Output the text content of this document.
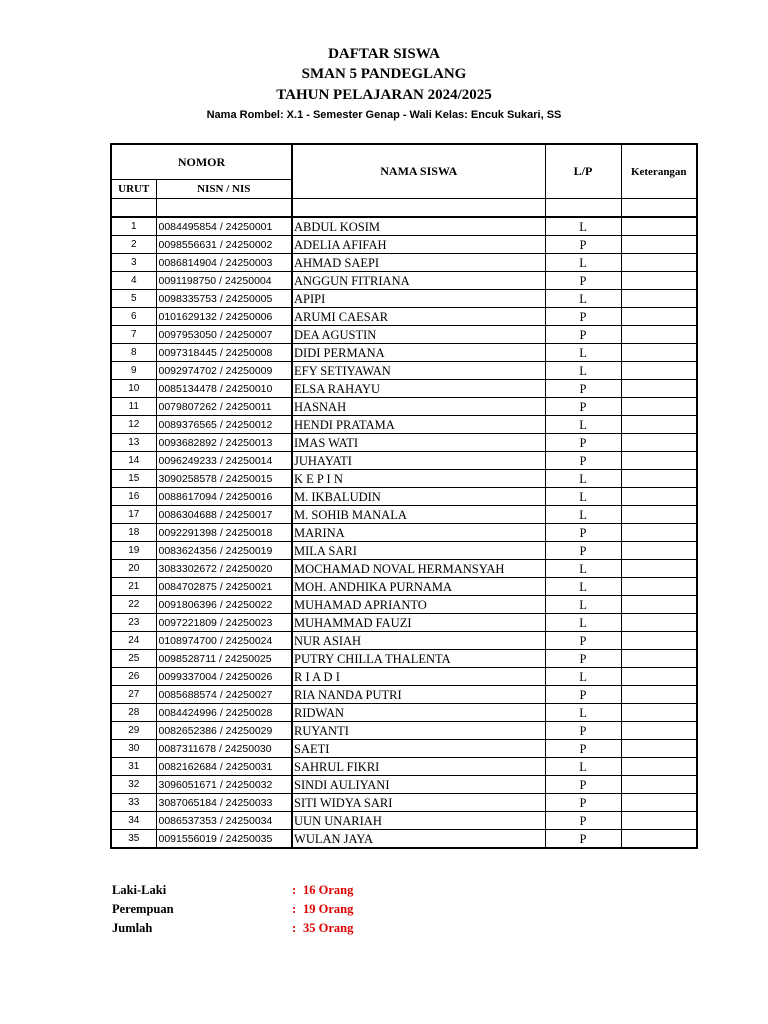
DAFTAR SISWA
SMAN 5 PANDEGLANG
TAHUN PELAJARAN 2024/2025
Nama Rombel: X.1 - Semester Genap - Wali Kelas: Encuk Sukari, SS
NOMOR		NAMA SISWA	L/P	Keterangan
URUT	NISN / NIS			

1	0084495854 / 24250001	ABDUL KOSIM	L	
2	0098556631 / 24250002	ADELIA AFIFAH	P	
3	0086814904 / 24250003	AHMAD SAEPI	L	
4	0091198750 / 24250004	ANGGUN FITRIANA	P	
5	0098335753 / 24250005	APIPI	L	
6	0101629132 / 24250006	ARUMI CAESAR	P	
7	0097953050 / 24250007	DEA AGUSTIN	P	
8	0097318445 / 24250008	DIDI PERMANA	L	
9	0092974702 / 24250009	EFY SETIYAWAN	L	
10	0085134478 / 24250010	ELSA RAHAYU	P	
11	0079807262 / 24250011	HASNAH	P	
12	0089376565 / 24250012	HENDI PRATAMA	L	
13	0093682892 / 24250013	IMAS WATI	P	
14	0096249233 / 24250014	JUHAYATI	P	
15	3090258578 / 24250015	K E P I N	L	
16	0088617094 / 24250016	M. IKBALUDIN	L	
17	0086304688 / 24250017	M. SOHIB MANALA	L	
18	0092291398 / 24250018	MARINA	P	
19	0083624356 / 24250019	MILA SARI	P	
20	3083302672 / 24250020	MOCHAMAD NOVAL HERMANSYAH	L	
21	0084702875 / 24250021	MOH. ANDHIKA PURNAMA	L	
22	0091806396 / 24250022	MUHAMAD APRIANTO	L	
23	0097221809 / 24250023	MUHAMMAD FAUZI	L	
24	0108974700 / 24250024	NUR ASIAH	P	
25	0098528711 / 24250025	PUTRY CHILLA THALENTA	P	
26	0099337004 / 24250026	R I A D I	L	
27	0085688574 / 24250027	RIA NANDA PUTRI	P	
28	0084424996 / 24250028	RIDWAN	L	
29	0082652386 / 24250029	RUYANTI	P	
30	0087311678 / 24250030	SAETI	P	
31	0082162684 / 24250031	SAHRUL FIKRI	L	
32	3096051671 / 24250032	SINDI AULIYANI	P	
33	3087065184 / 24250033	SITI WIDYA SARI	P	
34	0086537353 / 24250034	UUN UNARIAH	P	
35	0091556019 / 24250035	WULAN JAYA	P	
Laki-Laki	: 16 Orang
Perempuan	: 19 Orang
Jumlah	: 35 Orang
